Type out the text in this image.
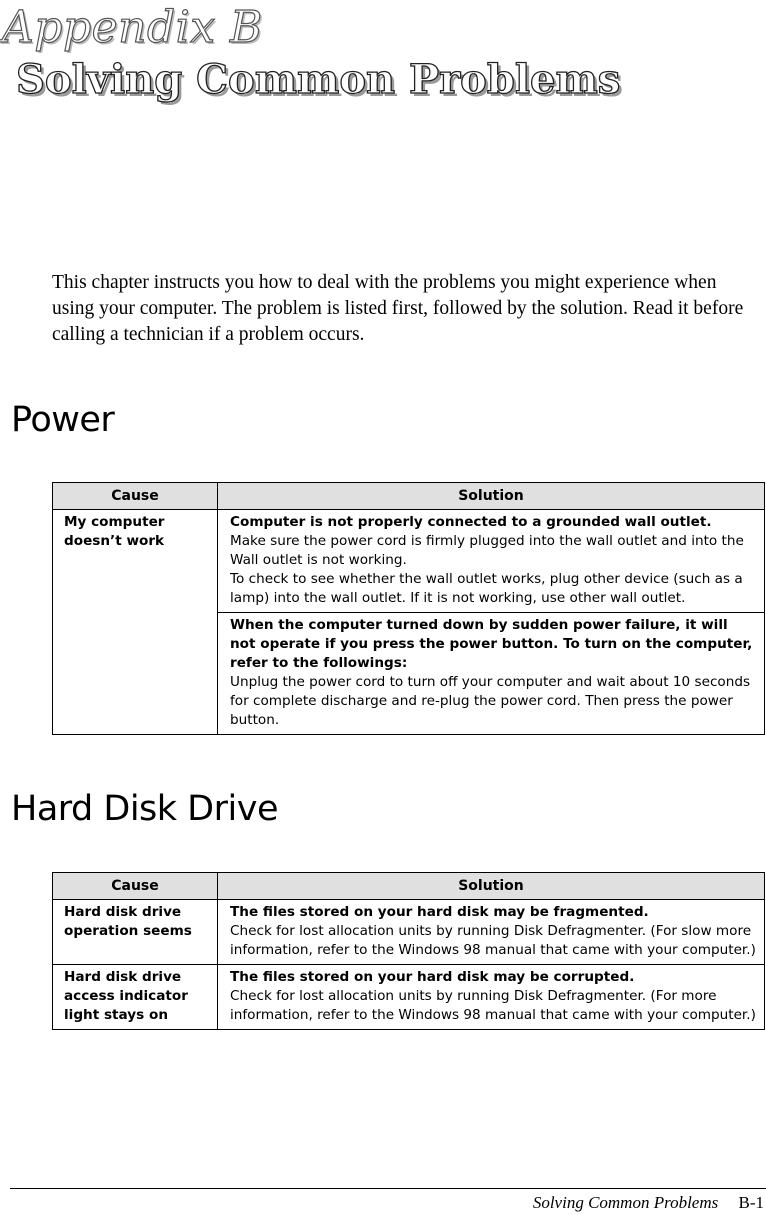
Appendix B
Solving Common Problems

This chapter instructs you how to deal with the problems you might experience when using your computer. The problem is listed first, followed by the solution. Read it before calling a technician if a problem occurs.

Power
Cause	Solution
My computer doesn’t work	Computer is not properly connected to a grounded wall outlet.
Make sure the power cord is firmly plugged into the wall outlet and into the Wall outlet is not working.
To check to see whether the wall outlet works, plug other device (such as a lamp) into the wall outlet. If it is not working, use other wall outlet.

	When the computer turned down by sudden power failure, it will not operate if you press the power button. To turn on the computer, refer to the followings:
Unplug the power cord to turn off your computer and wait about 10 seconds for complete discharge and re-plug the power cord. Then press the power button.
Hard Disk Drive
Cause	Solution
Hard disk drive operation seems	The files stored on your hard disk may be fragmented.
Check for lost allocation units by running Disk Defragmenter. (For slow more information, refer to the Windows 98 manual that came with your computer.)

Hard disk drive access indicator light stays on	The files stored on your hard disk may be corrupted.
Check for lost allocation units by running Disk Defragmenter. (For more information, refer to the Windows 98 manual that came with your computer.)
Solving Common Problems B-1
